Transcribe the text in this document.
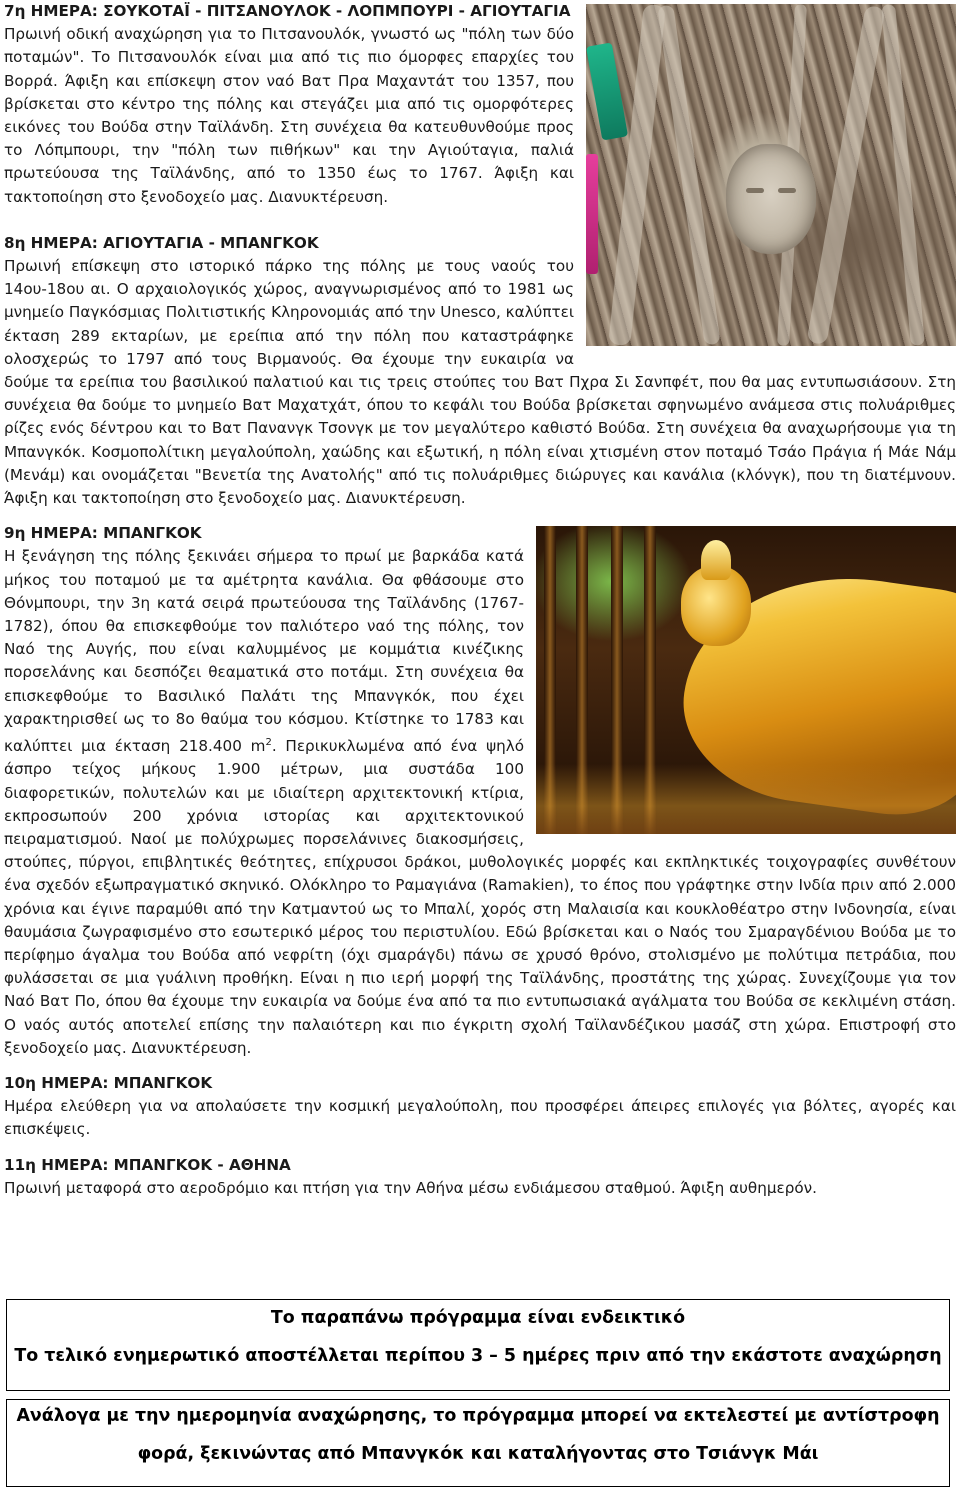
7η ΗΜΕΡΑ: ΣΟΥΚΟΤΑΪ - ΠΙΤΣΑΝΟΥΛΟΚ - ΛΟΠΜΠΟΥΡΙ - ΑΓΙΟΥΤΑΓΙΑ
Πρωινή οδική αναχώρηση για το Πιτσανουλόκ, γνωστό ως "πόλη των δύο ποταμών". Το Πιτσανουλόκ είναι μια από τις πιο όμορφες επαρχίες του Βορρά. Άφιξη και επίσκεψη στον ναό Βατ Πρα Μαχαντάτ του 1357, που βρίσκεται στο κέντρο της πόλης και στεγάζει μια από τις ομορφότερες εικόνες του Βούδα στην Ταϊλάνδη. Στη συνέχεια θα κατευθυνθούμε προς το Λόπμπουρι, την "πόλη των πιθήκων" και την Αγιούταγια, παλιά πρωτεύουσα της Ταϊλάνδης, από το 1350 έως το 1767. Άφιξη και τακτοποίηση στο ξενοδοχείο μας. Διανυκτέρευση.
8η ΗΜΕΡΑ: ΑΓΙΟΥΤΑΓΙΑ - ΜΠΑΝΓΚΟΚ
Πρωινή επίσκεψη στο ιστορικό πάρκο της πόλης με τους ναούς του 14ου-18ου αι. Ο αρχαιολογικός χώρος, αναγνωρισμένος από το 1981 ως μνημείο Παγκόσμιας Πολιτιστικής Κληρονομιάς από την Unesco, καλύπτει έκταση 289 εκταρίων, με ερείπια από την πόλη που καταστράφηκε ολοσχερώς το 1797 από τους Βιρμανούς. Θα έχουμε την ευκαιρία να δούμε τα ερείπια του βασιλικού παλατιού και τις τρεις στούπες του Βατ Πχρα Σι Σανπφέτ, που θα μας εντυπωσιάσουν. Στη συνέχεια θα δούμε το μνημείο Βατ Μαχατχάτ, όπου το κεφάλι του Βούδα βρίσκεται σφηνωμένο ανάμεσα στις πολυάριθμες ρίζες ενός δέντρου και το Βατ Πανανγκ Τσονγκ με τον μεγαλύτερο καθιστό Βούδα. Στη συνέχεια θα αναχωρήσουμε για τη Μπανγκόκ. Κοσμοπολίτικη μεγαλούπολη, χαώδης και εξωτική, η πόλη είναι χτισμένη στον ποταμό Τσάο Πράγια ή Μάε Νάμ (Μενάμ) και ονομάζεται "Βενετία της Ανατολής" από τις πολυάριθμες διώρυγες και κανάλια (κλόνγκ), που τη διατέμνουν. Άφιξη και τακτοποίηση στο ξενοδοχείο μας. Διανυκτέρευση.
9η ΗΜΕΡΑ: ΜΠΑΝΓΚΟΚ
Η ξενάγηση της πόλης ξεκινάει σήμερα το πρωί με βαρκάδα κατά μήκος του ποταμού με τα αμέτρητα κανάλια. Θα φθάσουμε στο Θόνμπουρι, την 3η κατά σειρά πρωτεύουσα της Ταϊλάνδης (1767-1782), όπου θα επισκεφθούμε τον παλιότερο ναό της πόλης, τον Ναό της Αυγής, που είναι καλυμμένος με κομμάτια κινέζικης πορσελάνης και δεσπόζει θεαματικά στο ποτάμι. Στη συνέχεια θα επισκεφθούμε το Βασιλικό Παλάτι της Μπανγκόκ, που έχει χαρακτηρισθεί ως το 8ο θαύμα του κόσμου. Κτίστηκε το 1783 και καλύπτει μια έκταση 218.400 $m^2$. Περικυκλωμένα από ένα ψηλό άσπρο τείχος μήκους 1.900 μέτρων, μια συστάδα 100 διαφορετικών, πολυτελών και με ιδιαίτερη αρχιτεκτονική κτίρια, εκπροσωπούν 200 χρόνια ιστορίας και αρχιτεκτονικού πειραματισμού. Ναοί με πολύχρωμες πορσελάνινες διακοσμήσεις, στούπες, πύργοι, επιβλητικές θεότητες, επίχρυσοι δράκοι, μυθολογικές μορφές και εκπληκτικές τοιχογραφίες συνθέτουν ένα σχεδόν εξωπραγματικό σκηνικό. Ολόκληρο το Ραμαγιάνα (Ramakien), το έπος που γράφτηκε στην Ινδία πριν από 2.000 χρόνια και έγινε παραμύθι από την Κατμαντού ως το Μπαλί, χορός στη Μαλαισία και κουκλοθέατρο στην Ινδονησία, είναι θαυμάσια ζωγραφισμένο στο εσωτερικό μέρος του περιστυλίου. Εδώ βρίσκεται και ο Ναός του Σμαραγδένιου Βούδα με το περίφημο άγαλμα του Βούδα από νεφρίτη (όχι σμαράγδι) πάνω σε χρυσό θρόνο, στολισμένο με πολύτιμα πετράδια, που φυλάσσεται σε μια γυάλινη προθήκη. Είναι η πιο ιερή μορφή της Ταϊλάνδης, προστάτης της χώρας. Συνεχίζουμε για τον Ναό Βατ Πο, όπου θα έχουμε την ευκαιρία να δούμε ένα από τα πιο εντυπωσιακά αγάλματα του Βούδα σε κεκλιμένη στάση. Ο ναός αυτός αποτελεί επίσης την παλαιότερη και πιο έγκριτη σχολή Ταϊλανδέζικου μασάζ στη χώρα. Επιστροφή στο ξενοδοχείο μας. Διανυκτέρευση.
10η ΗΜΕΡΑ: ΜΠΑΝΓΚΟΚ
Ημέρα ελεύθερη για να απολαύσετε την κοσμική μεγαλούπολη, που προσφέρει άπειρες επιλογές για βόλτες, αγορές και επισκέψεις.
11η ΗΜΕΡΑ: ΜΠΑΝΓΚΟΚ - ΑΘΗΝΑ
Πρωινή μεταφορά στο αεροδρόμιο και πτήση για την Αθήνα μέσω ενδιάμεσου σταθμού. Άφιξη αυθημερόν.
Το παραπάνω πρόγραμμα είναι ενδεικτικό
Το τελικό ενημερωτικό αποστέλλεται περίπου 3 – 5 ημέρες πριν από την εκάστοτε αναχώρηση
Ανάλογα με την ημερομηνία αναχώρησης, το πρόγραμμα μπορεί να εκτελεστεί με αντίστροφη
φορά, ξεκινώντας από Μπανγκόκ και καταλήγοντας στο Τσιάνγκ Μάι
